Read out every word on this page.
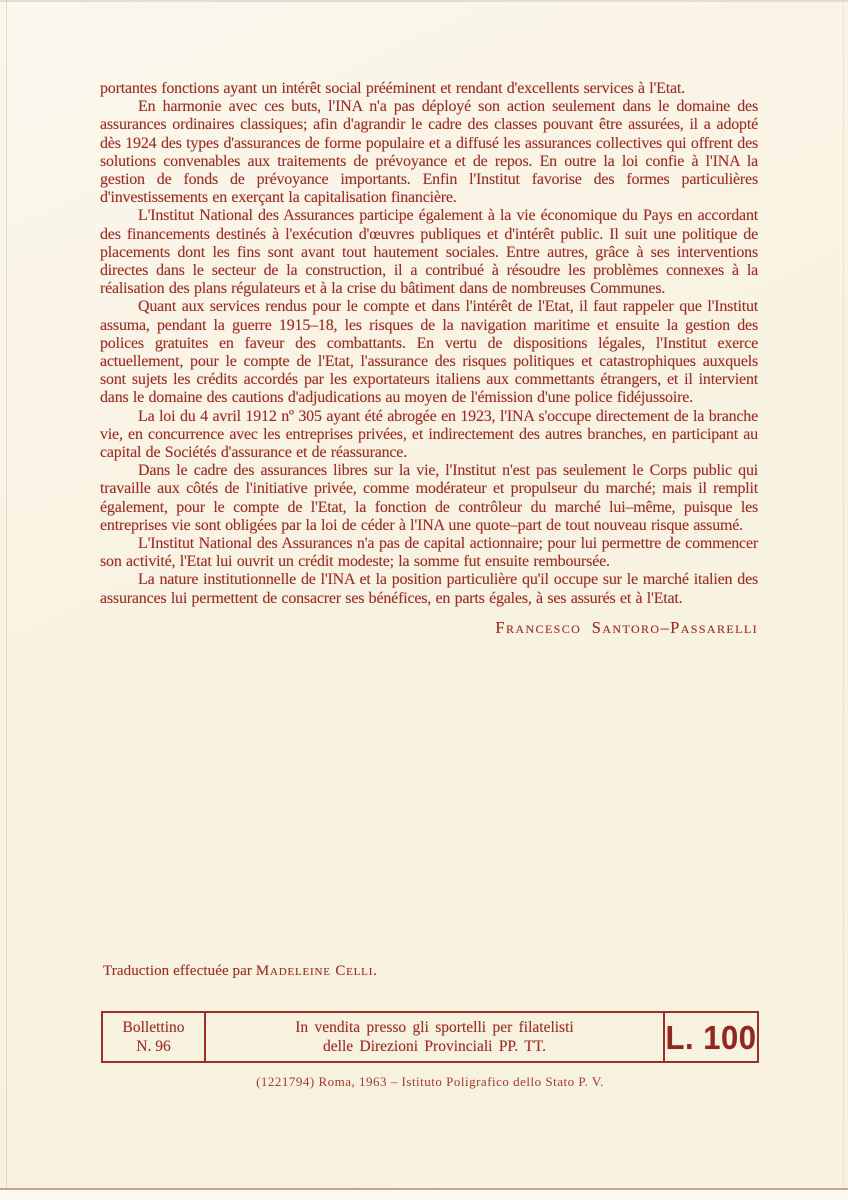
portantes fonctions ayant un intérêt social prééminent et rendant d'excellents services à l'Etat.

En harmonie avec ces buts, l'INA n'a pas déployé son action seulement dans le domaine des assurances ordinaires classiques; afin d'agrandir le cadre des classes pouvant être assurées, il a adopté dès 1924 des types d'assurances de forme populaire et a diffusé les assurances collectives qui offrent des solutions convenables aux traitements de prévoyance et de repos. En outre la loi confie à l'INA la gestion de fonds de prévoyance importants. Enfin l'Institut favorise des formes particulières d'investissements en exerçant la capitalisation financière.

L'Institut National des Assurances participe également à la vie économique du Pays en accordant des financements destinés à l'exécution d'œuvres publiques et d'intérêt public. Il suit une politique de placements dont les fins sont avant tout hautement sociales. Entre autres, grâce à ses interventions directes dans le secteur de la construction, il a contribué à résoudre les problèmes connexes à la réalisation des plans régulateurs et à la crise du bâtiment dans de nombreuses Communes.

Quant aux services rendus pour le compte et dans l'intérêt de l'Etat, il faut rappeler que l'Institut assuma, pendant la guerre 1915–18, les risques de la navigation maritime et ensuite la gestion des polices gratuites en faveur des combattants. En vertu de dispositions légales, l'Institut exerce actuellement, pour le compte de l'Etat, l'assurance des risques politiques et catastrophiques auxquels sont sujets les crédits accordés par les exportateurs italiens aux commettants étrangers, et il intervient dans le domaine des cautions d'adjudications au moyen de l'émission d'une police fidéjussoire.

La loi du 4 avril 1912 nº 305 ayant été abrogée en 1923, l'INA s'occupe directement de la branche vie, en concurrence avec les entreprises privées, et indirectement des autres branches, en participant au capital de Sociétés d'assurance et de réassurance.

Dans le cadre des assurances libres sur la vie, l'Institut n'est pas seulement le Corps public qui travaille aux côtés de l'initiative privée, comme modérateur et propulseur du marché; mais il remplit également, pour le compte de l'Etat, la fonction de contrôleur du marché lui–même, puisque les entreprises vie sont obligées par la loi de céder à l'INA une quote–part de tout nouveau risque assumé.

L'Institut National des Assurances n'a pas de capital actionnaire; pour lui permettre de commencer son activité, l'Etat lui ouvrit un crédit modeste; la somme fut ensuite remboursée.

La nature institutionnelle de l'INA et la position particulière qu'il occupe sur le marché italien des assurances lui permettent de consacrer ses bénéfices, en parts égales, à ses assurés et à l'Etat.

Francesco Santoro–Passarelli
Traduction effectuée par Madeleine Celli.
Bollettino
N. 96
In vendita presso gli sportelli per filatelisti
delle Direzioni Provinciali PP. TT.	L. 100
(1221794) Roma, 1963 – Istituto Poligrafico dello Stato P. V.
